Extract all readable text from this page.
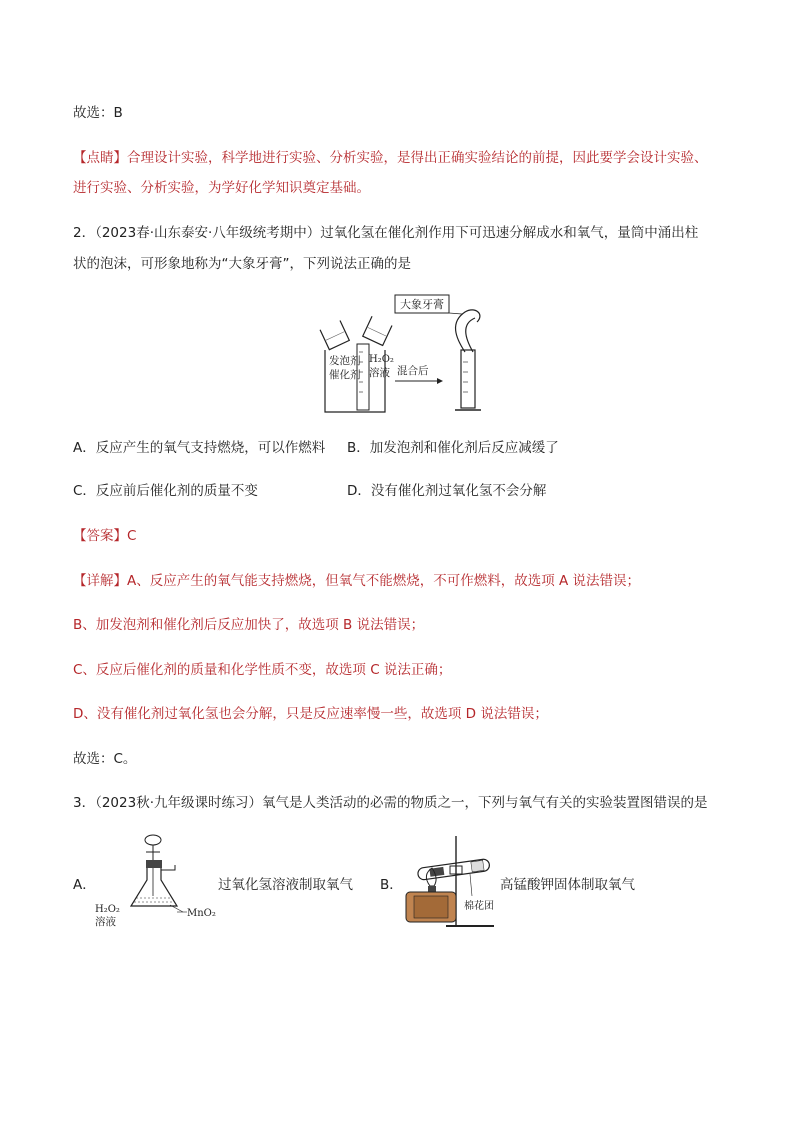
故选：B
【点睛】合理设计实验，科学地进行实验、分析实验，是得出正确实验结论的前提，因此要学会设计实验、
进行实验、分析实验，为学好化学知识奠定基础。
2．（2023春·山东泰安·八年级统考期中）过氧化氢在催化剂作用下可迅速分解成水和氧气，量筒中涌出柱
状的泡沫，可形象地称为“大象牙膏”，下列说法正确的是
大象牙膏
发泡剂
催化剂
H₂O₂
溶液 混合后
A．反应产生的氧气支持燃烧，可以作燃料 B．加发泡剂和催化剂后反应减缓了
C．反应前后催化剂的质量不变	D．没有催化剂过氧化氢不会分解
【答案】C
【详解】A、反应产生的氧气能支持燃烧，但氧气不能燃烧，不可作燃料，故选项 A 说法错误；
B、加发泡剂和催化剂后反应加快了，故选项 B 说法错误；
C、反应后催化剂的质量和化学性质不变，故选项 C 说法正确；
D、没有催化剂过氧化氢也会分解，只是反应速率慢一些，故选项 D 说法错误；
故选：C。
3．（2023秋·九年级课时练习）氧气是人类活动的必需的物质之一，下列与氧气有关的实验装置图错误的是
A．
H₂O₂
溶液
MnO₂
过氧化氢溶液制取氧气 B．
棉花团
高锰酸钾固体制取氧气
